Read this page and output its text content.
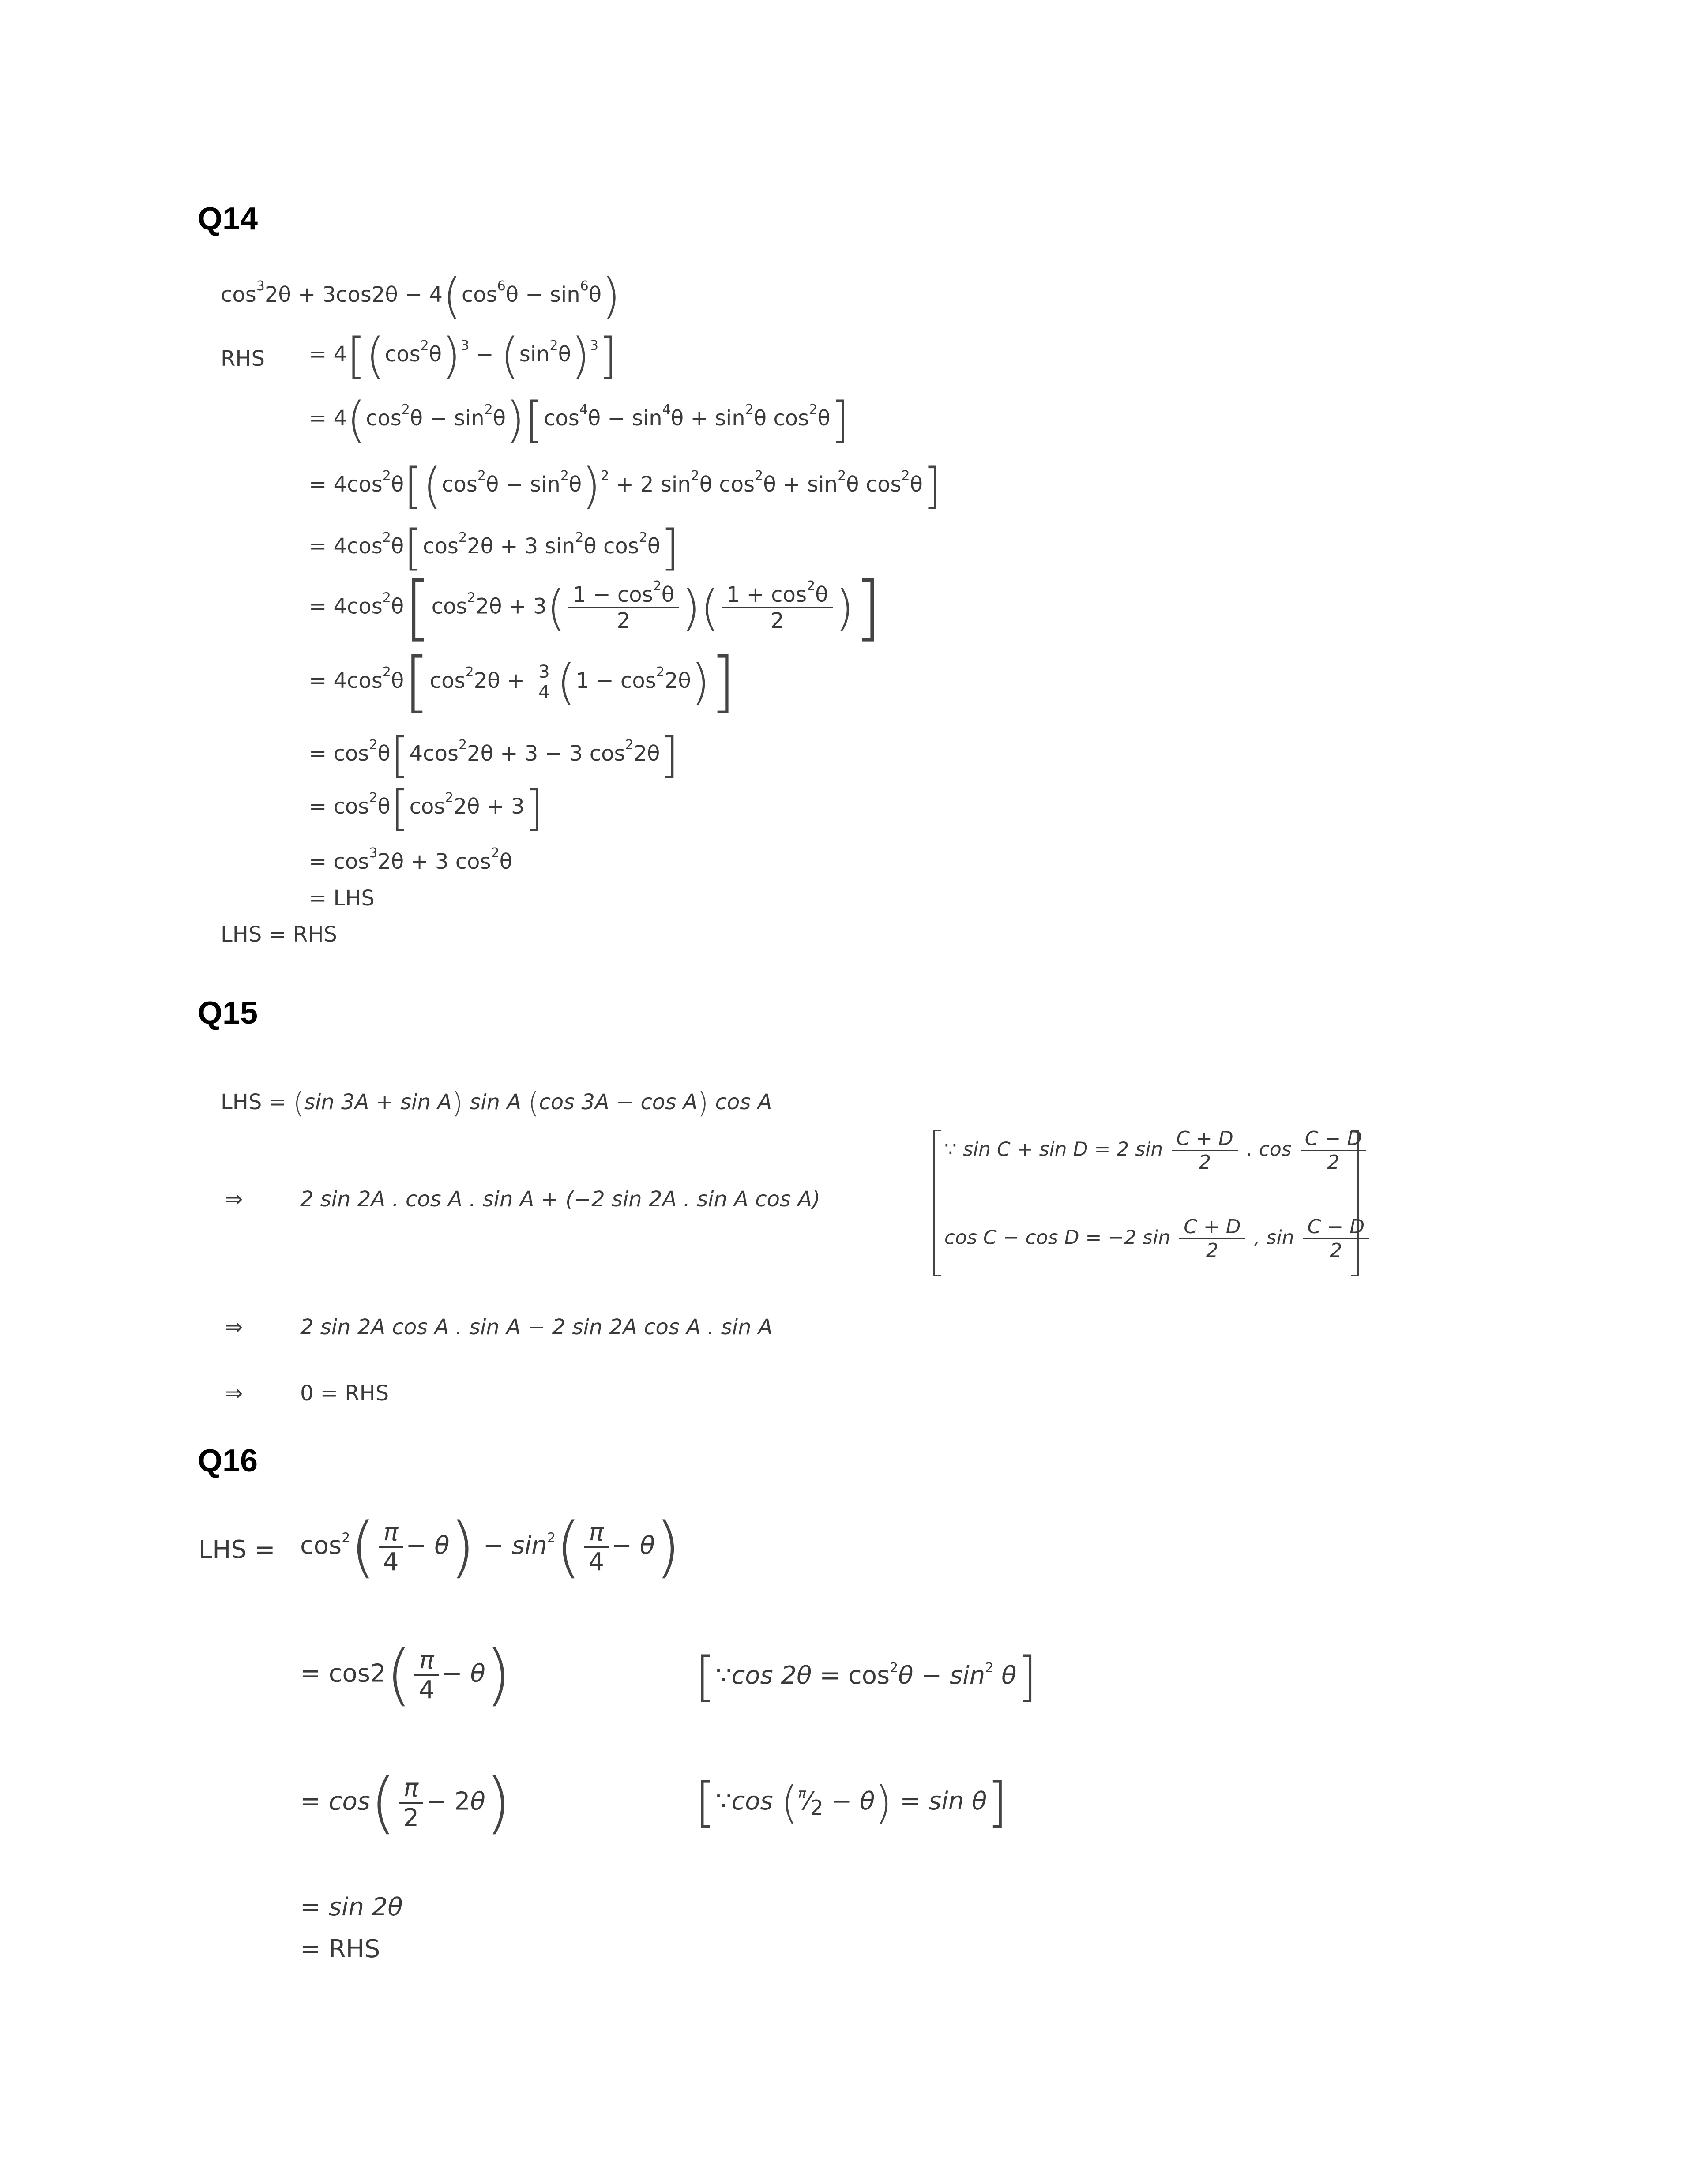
Q14
$\cos^32\theta + 3\cos 2\theta - 4(\cos^6\theta - \sin^6\theta)$
RHS = $4[(\cos^2\theta)^3 - (\sin^2\theta)^3]$
= $4(\cos^2\theta - \sin^2\theta)[\cos^4\theta - \sin^4\theta + \sin^2\theta$ $\cos^2\theta$]
= $4\cos^2\theta[(\cos^2\theta - \sin^2\theta)^2 + 2$ $\sin^2\theta$ $\cos^2\theta + \sin^2\theta$ $\cos^2\theta$]
= $4\cos^2\theta[\cos^22\theta + 3$ $\sin^2\theta$ $\cos^2\theta$]
= $4\cos^2\theta[\cos^22\theta + 3( \frac{1 - \cos^2\theta}{2}$ )( $\frac{1 + \cos^2\theta}{2}$ )]
= $4\cos^2\theta[\cos^22\theta + 3$
4 $(1 - \cos^22\theta)$]
= $\cos^2\theta[4\cos^22\theta + 3 - 3$ $\cos^22\theta$]
= $\cos^2\theta[\cos^22\theta + 3]$
= $\cos^32\theta + 3$ $\cos^2\theta$
= LHS
LHS = RHS
Q15
LHS = (sin 3A + sin A) sin A (cos 3A − cos A) cos A
⇒	2 sin 2A . cos A . sin A + (−2 sin 2A . sin A cos A)
∵ sin C + sin D = 2 $\sin \frac{C + D}{2}$ . $\cos \frac{C - D}{2}$
cos C − cos D = −2 $\sin \frac{C + D}{2}$ , $\sin \frac{C - D}{2}$
⇒	2 sin 2A cos A . sin A − 2 sin 2A cos A . sin A
⇒	0 = RHS
Q16
LHS = $\cos^2( \frac{\pi}{4} - \theta) - \sin^2( \frac{\pi}{4} - \theta)$
= $\cos 2( \frac{\pi}{4} - \theta)$	[∵cos $2\theta = \cos^2\theta - \sin^2 \theta$]
= $\cos( \frac{\pi}{2} - 2\theta)$	[∵cos $(^\pi⁄_2 - \theta) = \sin \theta$]
= sin 2θ
= RHS
